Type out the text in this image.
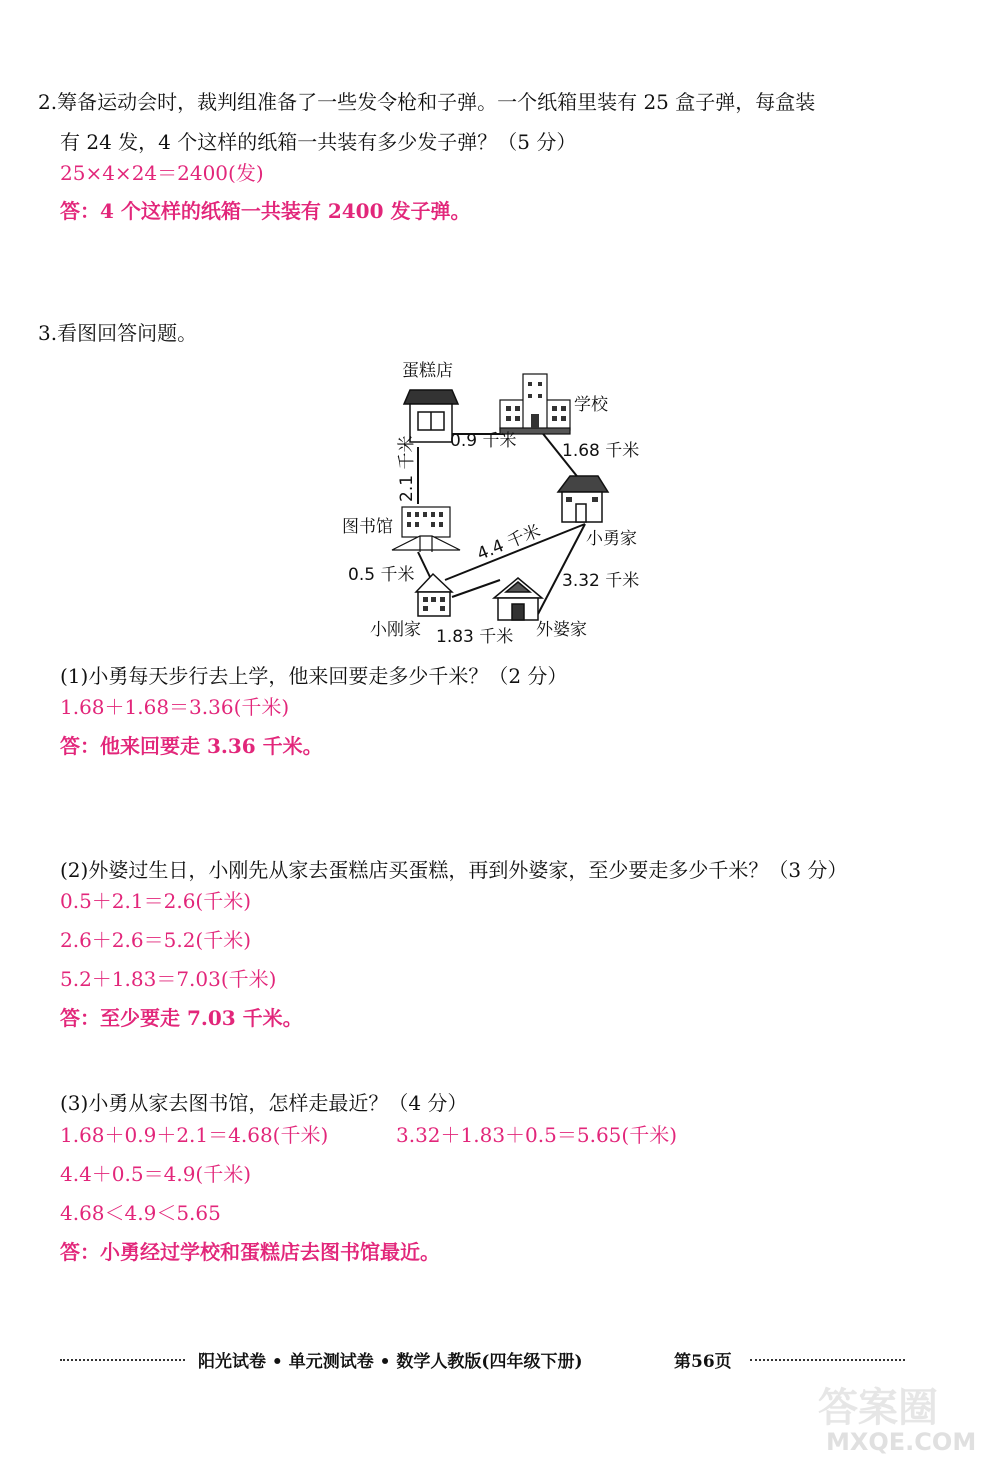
2.筹备运动会时，裁判组准备了一些发令枪和子弹。一个纸箱里装有 25 盒子弹，每盒装
有 24 发，4 个这样的纸箱一共装有多少发子弹？（5 分）
25×4×24＝2400(发)
答：4 个这样的纸箱一共装有 2400 发子弹。
3.看图回答问题。
蛋糕店
学校
图书馆
小勇家
小刚家	外婆家
0.9 千米	1.68 千米
2.1 千米
4.4 千米
0.5 千米	3.32 千米
1.83 千米
(1)小勇每天步行去上学，他来回要走多少千米？（2 分）
1.68＋1.68＝3.36(千米)
答：他来回要走 3.36 千米。
(2)外婆过生日，小刚先从家去蛋糕店买蛋糕，再到外婆家，至少要走多少千米？（3 分）
0.5＋2.1＝2.6(千米)
2.6＋2.6＝5.2(千米)
5.2＋1.83＝7.03(千米)
答：至少要走 7.03 千米。
(3)小勇从家去图书馆，怎样走最近？（4 分）
1.68＋0.9＋2.1＝4.68(千米)	3.32＋1.83＋0.5＝5.65(千米)
4.4＋0.5＝4.9(千米)
4.68＜4.9＜5.65
答：小勇经过学校和蛋糕店去图书馆最近。
阳光试卷 • 单元测试卷 • 数学人教版(四年级下册)	第56页
答案圈
MXQE.COM
